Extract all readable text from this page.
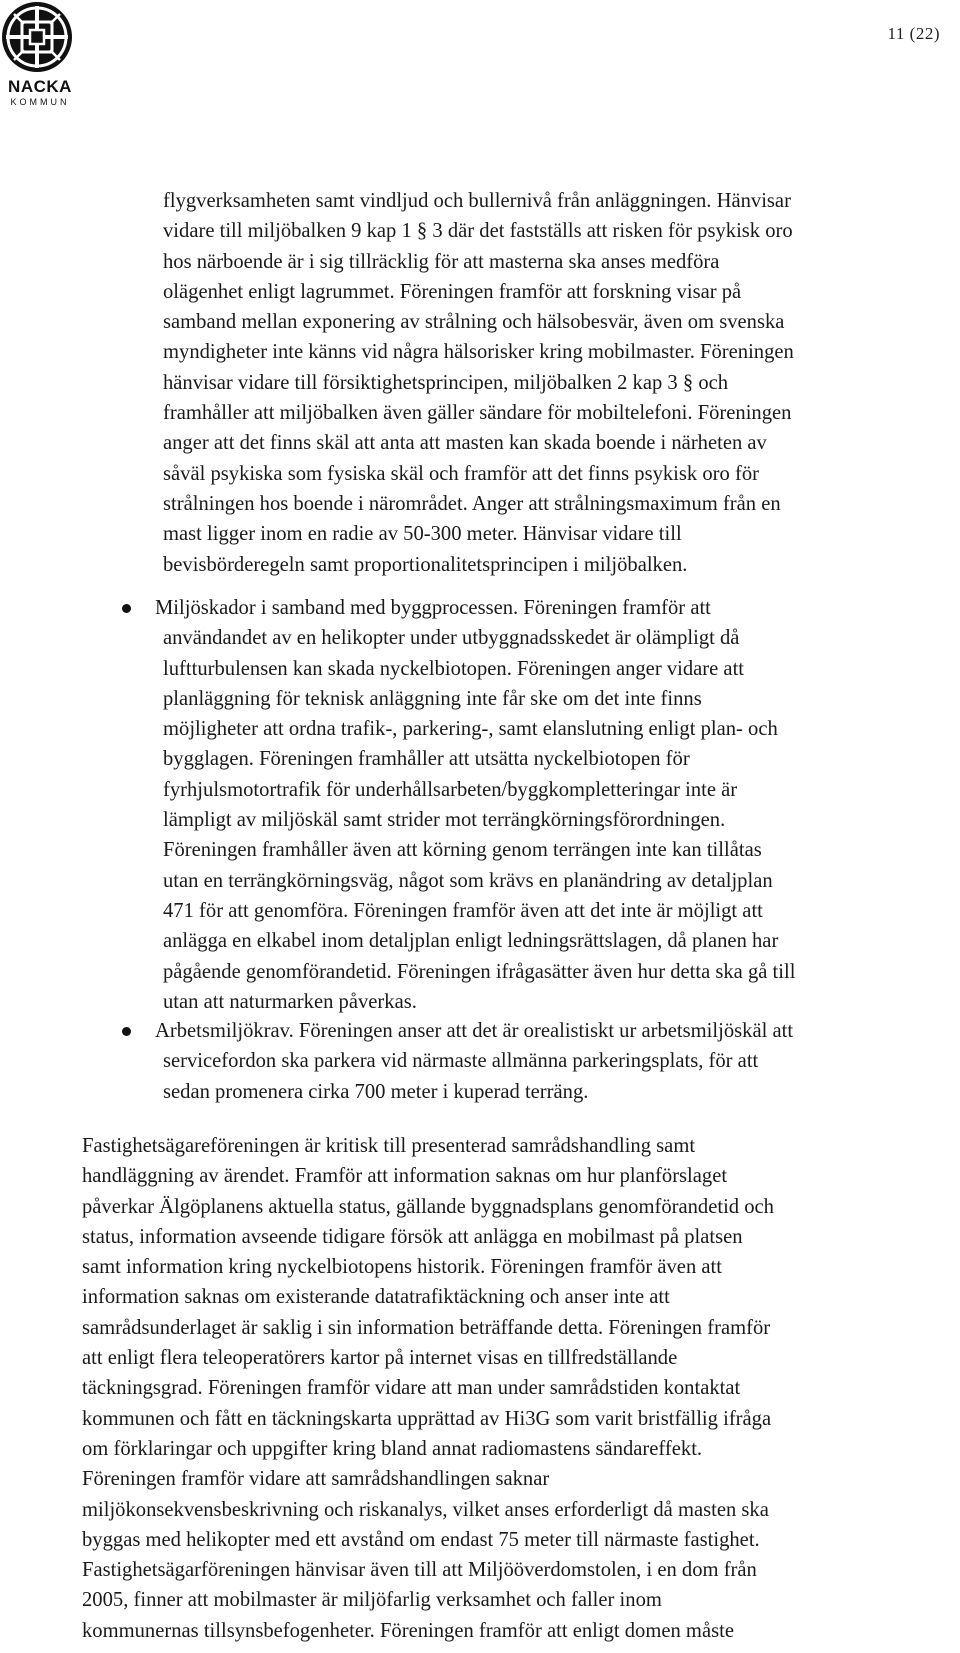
NACKA
KOMMUN
11 (22)
flygverksamheten samt vindljud och bullernivå från anläggningen. Hänvisar
vidare till miljöbalken 9 kap 1 § 3 där det fastställs att risken för psykisk oro
hos närboende är i sig tillräcklig för att masterna ska anses medföra
olägenhet enligt lagrummet. Föreningen framför att forskning visar på
samband mellan exponering av strålning och hälsobesvär, även om svenska
myndigheter inte känns vid några hälsorisker kring mobilmaster. Föreningen
hänvisar vidare till försiktighetsprincipen, miljöbalken 2 kap 3 § och
framhåller att miljöbalken även gäller sändare för mobiltelefoni. Föreningen
anger att det finns skäl att anta att masten kan skada boende i närheten av
såväl psykiska som fysiska skäl och framför att det finns psykisk oro för
strålningen hos boende i närområdet. Anger att strålningsmaximum från en
mast ligger inom en radie av 50-300 meter. Hänvisar vidare till
bevisbörderegeln samt proportionalitetsprincipen i miljöbalken.
Miljöskador i samband med byggprocessen. Föreningen framför att
användandet av en helikopter under utbyggnadsskedet är olämpligt då
luftturbulensen kan skada nyckelbiotopen. Föreningen anger vidare att
planläggning för teknisk anläggning inte får ske om det inte finns
möjligheter att ordna trafik-, parkering-, samt elanslutning enligt plan- och
bygglagen. Föreningen framhåller att utsätta nyckelbiotopen för
fyrhjulsmotortrafik för underhållsarbeten/byggkompletteringar inte är
lämpligt av miljöskäl samt strider mot terrängkörningsförordningen.
Föreningen framhåller även att körning genom terrängen inte kan tillåtas
utan en terrängkörningsväg, något som krävs en planändring av detaljplan
471 för att genomföra. Föreningen framför även att det inte är möjligt att
anlägga en elkabel inom detaljplan enligt ledningsrättslagen, då planen har
pågående genomförandetid. Föreningen ifrågasätter även hur detta ska gå till
utan att naturmarken påverkas.
Arbetsmiljökrav. Föreningen anser att det är orealistiskt ur arbetsmiljöskäl att
servicefordon ska parkera vid närmaste allmänna parkeringsplats, för att
sedan promenera cirka 700 meter i kuperad terräng.
Fastighetsägareföreningen är kritisk till presenterad samrådshandling samt
handläggning av ärendet. Framför att information saknas om hur planförslaget
påverkar Älgöplanens aktuella status, gällande byggnadsplans genomförandetid och
status, information avseende tidigare försök att anlägga en mobilmast på platsen
samt information kring nyckelbiotopens historik. Föreningen framför även att
information saknas om existerande datatrafiktäckning och anser inte att
samrådsunderlaget är saklig i sin information beträffande detta. Föreningen framför
att enligt flera teleoperatörers kartor på internet visas en tillfredställande
täckningsgrad. Föreningen framför vidare att man under samrådstiden kontaktat
kommunen och fått en täckningskarta upprättad av Hi3G som varit bristfällig ifråga
om förklaringar och uppgifter kring bland annat radiomastens sändareffekt.
Föreningen framför vidare att samrådshandlingen saknar
miljökonsekvensbeskrivning och riskanalys, vilket anses erforderligt då masten ska
byggas med helikopter med ett avstånd om endast 75 meter till närmaste fastighet.
Fastighetsägarföreningen hänvisar även till att Miljööverdomstolen, i en dom från
2005, finner att mobilmaster är miljöfarlig verksamhet och faller inom
kommunernas tillsynsbefogenheter. Föreningen framför att enligt domen måste
